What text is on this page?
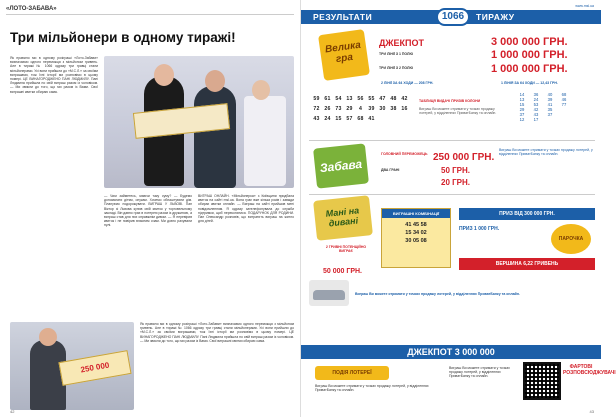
«ЛОТО-ЗАБАВА»
Три мільйонери в одному тиражі!

Як правило ми в одному розіграші «Лото-Забави» визначаємо одного переможця з мільйоном гривень. Але в тиражі № 1066 одразу три гравці стали мільйонерами. Усі вони прийшли до «М.С.Л.» за своїми виграшами, тож їхні історії ми розповімо в цьому номері. ЦЕ ВИНАГОРОДЖЕНО ПАНІ ЛЮДМИЛУ. Пані Людмила прийшла по свій виграш разом із чоловіком. — Ми звикли до того, що ми разом із Вами. Свої виграшні квитки обираю сама.

— Чим займетесь, маючи таку суму? — Будемо допомагати дітям, онукам. Хочемо облаштувати дім. Плануємо подорожувати. ВИГРАШ У ЛЬВОВІ. Пан Віктор зі Львова купив свій квиток у торговельному закладі. Він давно грає в лотерею разом із дружиною, а виграш став для них справжнім дивом. — Я перевірив квиток і не повірив власним очам. Ми довго рахували нулі.

ВИГРАШ ОНЛАЙН. «Мільйонерка» з Київщини придбала квиток на сайті msl.ua. Вона грає вже кілька років і завжди обирає квитки онлайн. — Виграш на сайті прийшов мені повідомленням. Я одразу зателефонувала до служби підтримки, щоб переконатися. ПОДАРУНОК ДЛЯ РОДИНИ. Пан Олександр розповів, що витратить виграш на житло для дітей.

250 000

Як правило ми в одному розіграші «Лото-Забави» визначаємо одного переможця з мільйоном гривень. Але в тиражі № 1066 одразу три гравці стали мільйонерами. Усі вони прийшли до «М.С.Л.» за своїми виграшами, тож їхні історії ми розповімо в цьому номері. ЦЕ ВИНАГОРОДЖЕНО ПАНІ ЛЮДМИЛУ. Пані Людмила прийшла по свій виграш разом із чоловіком. — Ми звикли до того, що ми разом із Вами. Свої виграшні квитки обираю сама.

42
www.msl.ua
РЕЗУЛЬТАТИ	ТИРАЖУ
1066
Велика гра
ДЖЕКПОТ	3 000 000 ГРН.
ТРИ ЛІНІЇ З 1 ПОЛЮ	1 000 000 ГРН.
ТРИ ЛІНІЇ З 2 ПОЛЮ	1 000 000 ГРН.
2 ЛІНІЇ ЗА 64 ХОДИ — 208 ГРН.	1 ЛІНІЯ ЗА 64 ХОДИ — 12,43 ГРН.
59 61 54 13 56 55 47 48 42
72 26 73 29 4 39 30 38 16
43 24 15 57 68 41
ТАБЛИЦЯ ВИДАЧІ ПРИЗІВ КОЛОНИ
Виграш Ви можете отримати у точках продажу лотерей, у відділеннях ПриватБанку та онлайн.
14 36 40 68
13 24 39 46
15 53 41 77
29 42 35
37 43 37
12 17
Забава
ГОЛОВНИЙ ПЕРЕМОЖЕЦЬ 250 000 ГРН.
ДВА ГРАНІ	50 ГРН.
20 ГРН.
Виграш Ви можете отримати у точках продажу лотерей, у відділеннях ПриватБанку та онлайн.
Мані на дивані
2 ГРИВНІ ПОТЕНЦІЙНО ВИГРАЄ
50 000 ГРН.
ВИГРАШНІ КОМБІНАЦІЇ
41 45 58
15 34 02
30 05 08

ПРИЗ ВІД 300 000 ГРН.
ПРИЗ 1 000 ГРН.
ПАРОЧКА
ВЕРШИНА 6,22 ГРИВЕНЬ
Виграш Ви можете отримати у точках продажу лотерей, у відділеннях ПриватБанку та онлайн.
ДЖЕКПОТ 3 000 000
ПОДІЯ ЛОТЕРЕЇ
Виграш Ви можете отримати у точках продажу лотерей, у відділеннях ПриватБанку та онлайн.
Виграш Ви можете отримати у точках продажу лотерей, у відділеннях ПриватБанку та онлайн.
ФАРТОВІ РОЗПОВСЮДЖУВАЧІ
43
